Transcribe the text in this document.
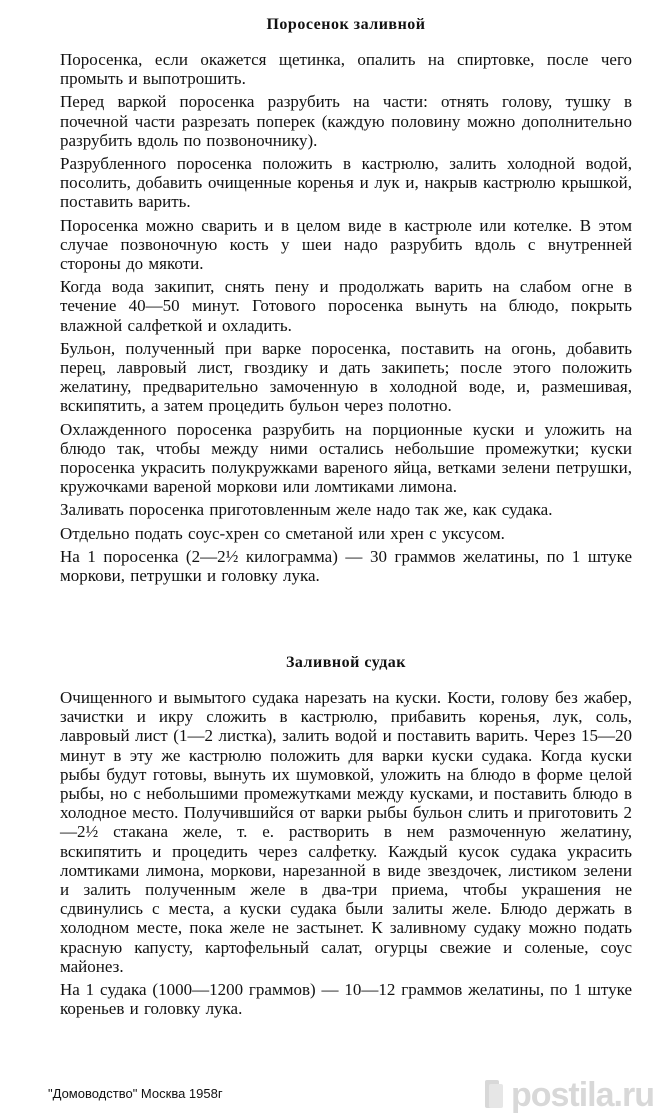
Поросенок заливной

Поросенка, если окажется щетинка, опалить на спиртовке, после чего промыть и выпотрошить.

Перед варкой поросенка разрубить на части: отнять голову, тушку в почечной части разрезать поперек (каждую половину можно дополнительно разрубить вдоль по позвоночнику).

Разрубленного поросенка положить в кастрюлю, залить холодной водой, посолить, добавить очищенные коренья и лук и, накрыв кастрюлю крышкой, поставить варить.

Поросенка можно сварить и в целом виде в кастрюле или котелке. В этом случае позвоночную кость у шеи надо разрубить вдоль с внутренней стороны до мякоти.

Когда вода закипит, снять пену и продолжать варить на слабом огне в течение 40—50 минут. Готового поросенка вынуть на блюдо, покрыть влажной салфеткой и охладить.

Бульон, полученный при варке поросенка, поставить на огонь, добавить перец, лавровый лист, гвоздику и дать закипеть; после этого положить желатину, предварительно замоченную в холодной воде, и, размешивая, вскипятить, а затем процедить бульон через полотно.

Охлажденного поросенка разрубить на порционные куски и уложить на блюдо так, чтобы между ними остались небольшие промежутки; куски поросенка украсить полукружками вареного яйца, ветками зелени петрушки, кружочками вареной моркови или ломтиками лимона.

Заливать поросенка приготовленным желе надо так же, как судака.

Отдельно подать соус-хрен со сметаной или хрен с уксусом.

На 1 поросенка (2—2½ килограмма) — 30 граммов желатины, по 1 штуке моркови, петрушки и головку лука.

Заливной судак

Очищенного и вымытого судака нарезать на куски. Кости, голову без жабер, зачистки и икру сложить в кастрюлю, прибавить коренья, лук, соль, лавровый лист (1—2 листка), залить водой и поставить варить. Через 15—20 минут в эту же кастрюлю положить для варки куски судака. Когда куски рыбы будут готовы, вынуть их шумовкой, уложить на блюдо в форме целой рыбы, но с небольшими промежутками между кусками, и поставить блюдо в холодное место. Получившийся от варки рыбы бульон слить и приготовить 2—2½ стакана желе, т. е. растворить в нем размоченную желатину, вскипятить и процедить через салфетку. Каждый кусок судака украсить ломтиками лимона, моркови, нарезанной в виде звездочек, листиком зелени и залить полученным желе в два-три приема, чтобы украшения не сдвинулись с места, а куски судака были залиты желе. Блюдо держать в холодном месте, пока желе не застынет. К заливному судаку можно подать красную капусту, картофельный салат, огурцы свежие и соленые, соус майонез.

На 1 судака (1000—1200 граммов) — 10—12 граммов желатины, по 1 штуке кореньев и головку лука.

"Домоводство" Москва 1958г	postila.ru
